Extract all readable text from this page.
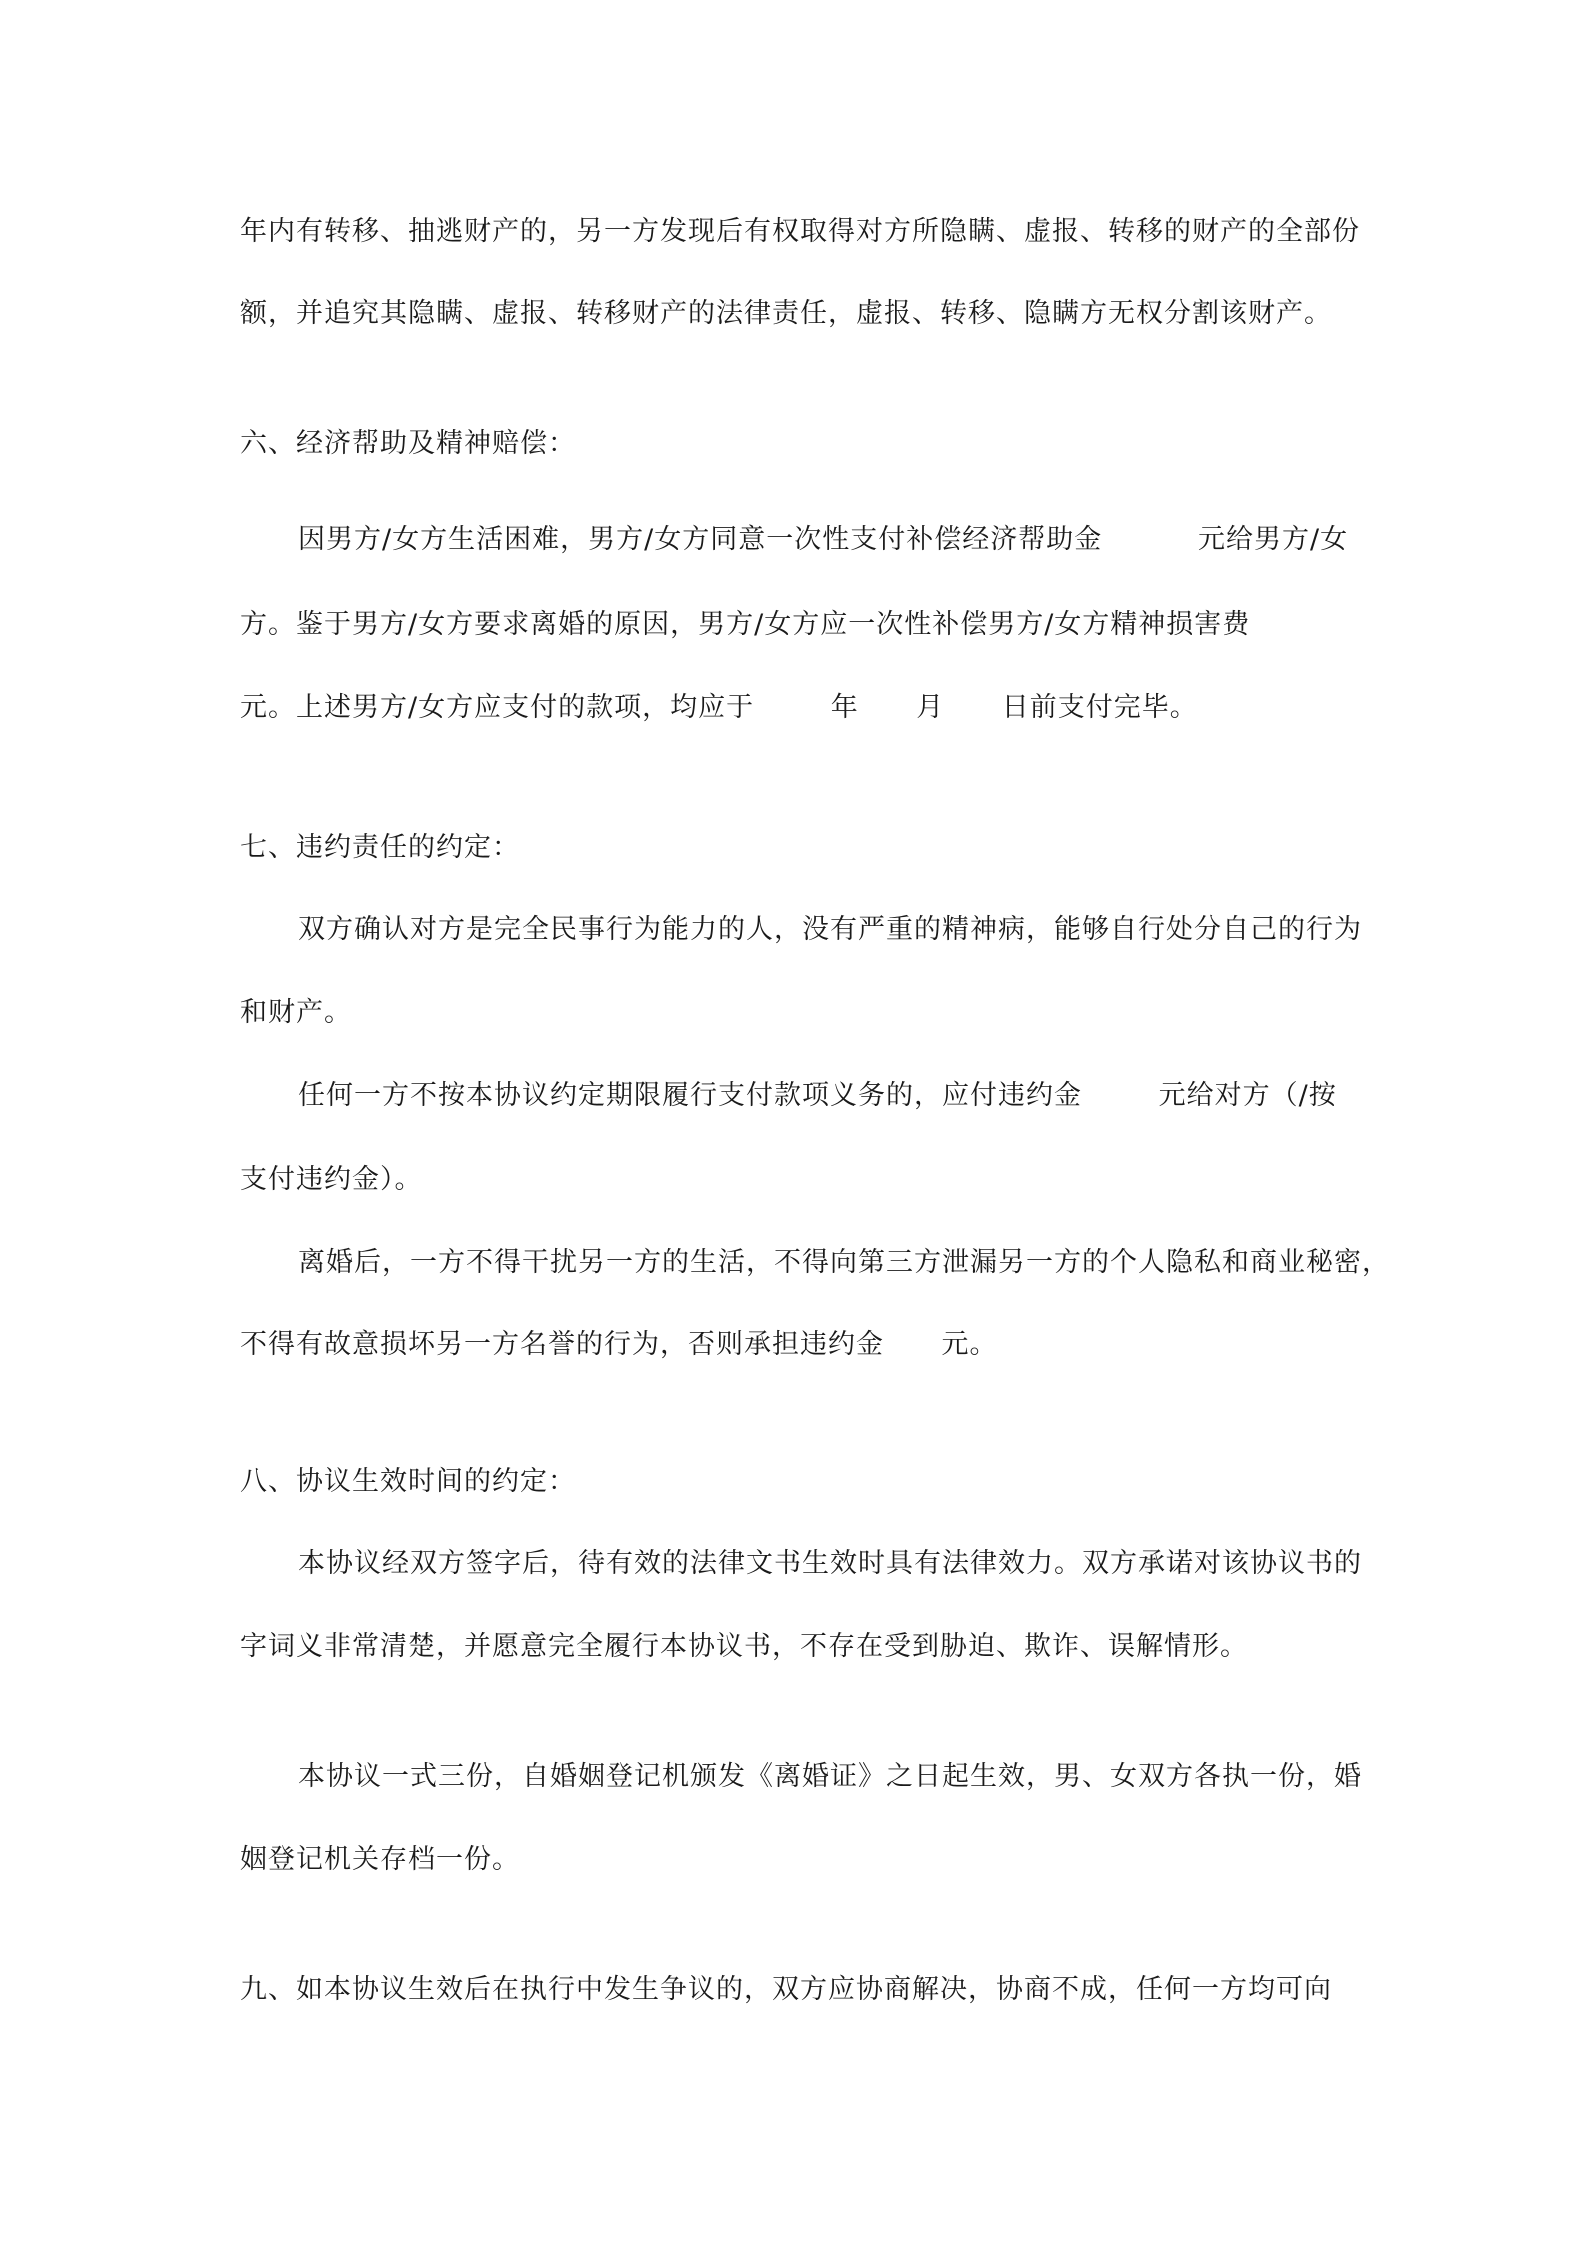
年内有转移、抽逃财产的，另一方发现后有权取得对方所隐瞒、虚报、转移的财产的全部份
额，并追究其隐瞒、虚报、转移财产的法律责任，虚报、转移、隐瞒方无权分割该财产。
六、经济帮助及精神赔偿：
因男方/女方生活困难，男方/女方同意一次性支付补偿经济帮助金          元给男方/女
方。鉴于男方/女方要求离婚的原因，男方/女方应一次性补偿男方/女方精神损害费
元。上述男方/女方应支付的款项，均应于        年      月      日前支付完毕。
七、违约责任的约定：
双方确认对方是完全民事行为能力的人，没有严重的精神病，能够自行处分自己的行为
和财产。
任何一方不按本协议约定期限履行支付款项义务的，应付违约金        元给对方（/按
支付违约金）。
离婚后，一方不得干扰另一方的生活，不得向第三方泄漏另一方的个人隐私和商业秘密，
不得有故意损坏另一方名誉的行为，否则承担违约金      元。
八、协议生效时间的约定：
本协议经双方签字后，待有效的法律文书生效时具有法律效力。双方承诺对该协议书的
字词义非常清楚，并愿意完全履行本协议书，不存在受到胁迫、欺诈、误解情形。
本协议一式三份，自婚姻登记机颁发《离婚证》之日起生效，男、女双方各执一份，婚
姻登记机关存档一份。
九、如本协议生效后在执行中发生争议的，双方应协商解决，协商不成，任何一方均可向
